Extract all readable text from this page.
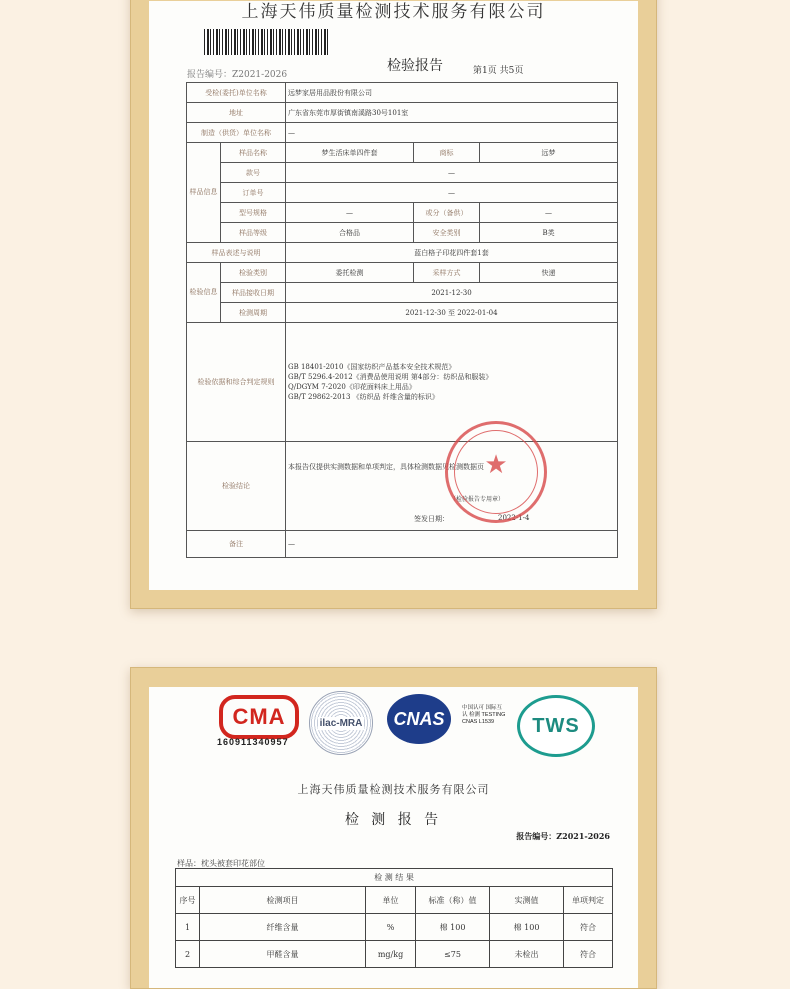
上海天伟质量检测技术服务有限公司
报告编号：Z2021-2026
检验报告	第1页 共5页
受检(委托)单位名称		远梦家居用品股份有限公司		
地址		广东省东莞市厚街镇南溪路30号101室		
制造（供货）单位名称		—		
样品信息	样品名称	梦生活床单四件套	商标	远梦
	款号	—		
	订单号	—		
	型号规格	—	或分（备供）	—
	样品等级	合格品	安全类别	B类
样品表述与说明		蓝白格子印花四件套1套		
检验信息	检验类别	委托检测	采样方式	快递
	样品接收日期	2021-12-30		
	检测周期	2021-12-30 至 2022-01-04		
检验依据和综合判定规则		GB 18401-2010《国家纺织产品基本安全技术规范》
GB/T 5296.4-2012《消费品使用说明 第4部分：纺织品和服装》
Q/DGYM 7-2020《印花面料床上用品》
GB/T 29862-2013 《纺织品 纤维含量的标识》		

检验结论		本报告仅提供实测数据和单项判定，具体检测数据见检测数据页
（检验报告专用章）
签发日期： 2022-1-4		

备注		—		
★
CMA
160911340957
ilac-MRA CNAS
中国认可 国际互认 检测 TESTING CNAS L1539	TWS
上海天伟质量检测技术服务有限公司
检 测 报 告
报告编号：Z2021-2026
样品：枕头被套印花部位
检 测 结 果					
序号	检测项目	单位	标准（称）值	实测值	单项判定
1	纤维含量	%	棉 100	棉 100	符合
2	甲醛含量	mg/kg	≤75	未检出	符合
